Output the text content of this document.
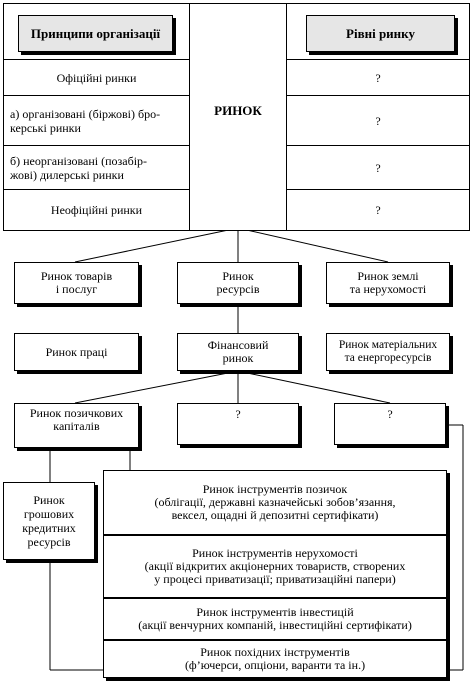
Принципи організації
Офіційні ринки
а) організовані (біржові) бро-
керські ринки
б) неорганізовані (позабір-
жові) дилерські ринки
Неофіційні ринки
РИНОК
Рівні ринку
?
?
?
?
Ринок товарів
і послуг
Ринок
ресурсів
Ринок землі
та нерухомості
Ринок праці	Фінансовий
ринок
Ринок матеріальних
та енергоресурсів
Ринок позичкових
капіталів
?	?
Ринок
грошових
кредитних
ресурсів
Ринок інструментів позичок
(облігації, державні казначейські зобов’язання,
вексел, ощадні й депозитні сертифікати)
Ринок інструментів нерухомості
(акції відкритих акціонерних товариств, створених
у процесі приватизації; приватизаційні папери)
Ринок інструментів інвестицій
(акції венчурних компаній, інвестиційні сертифікати)
Ринок похідних інструментів
(ф’ючерси, опціони, варанти та ін.)
